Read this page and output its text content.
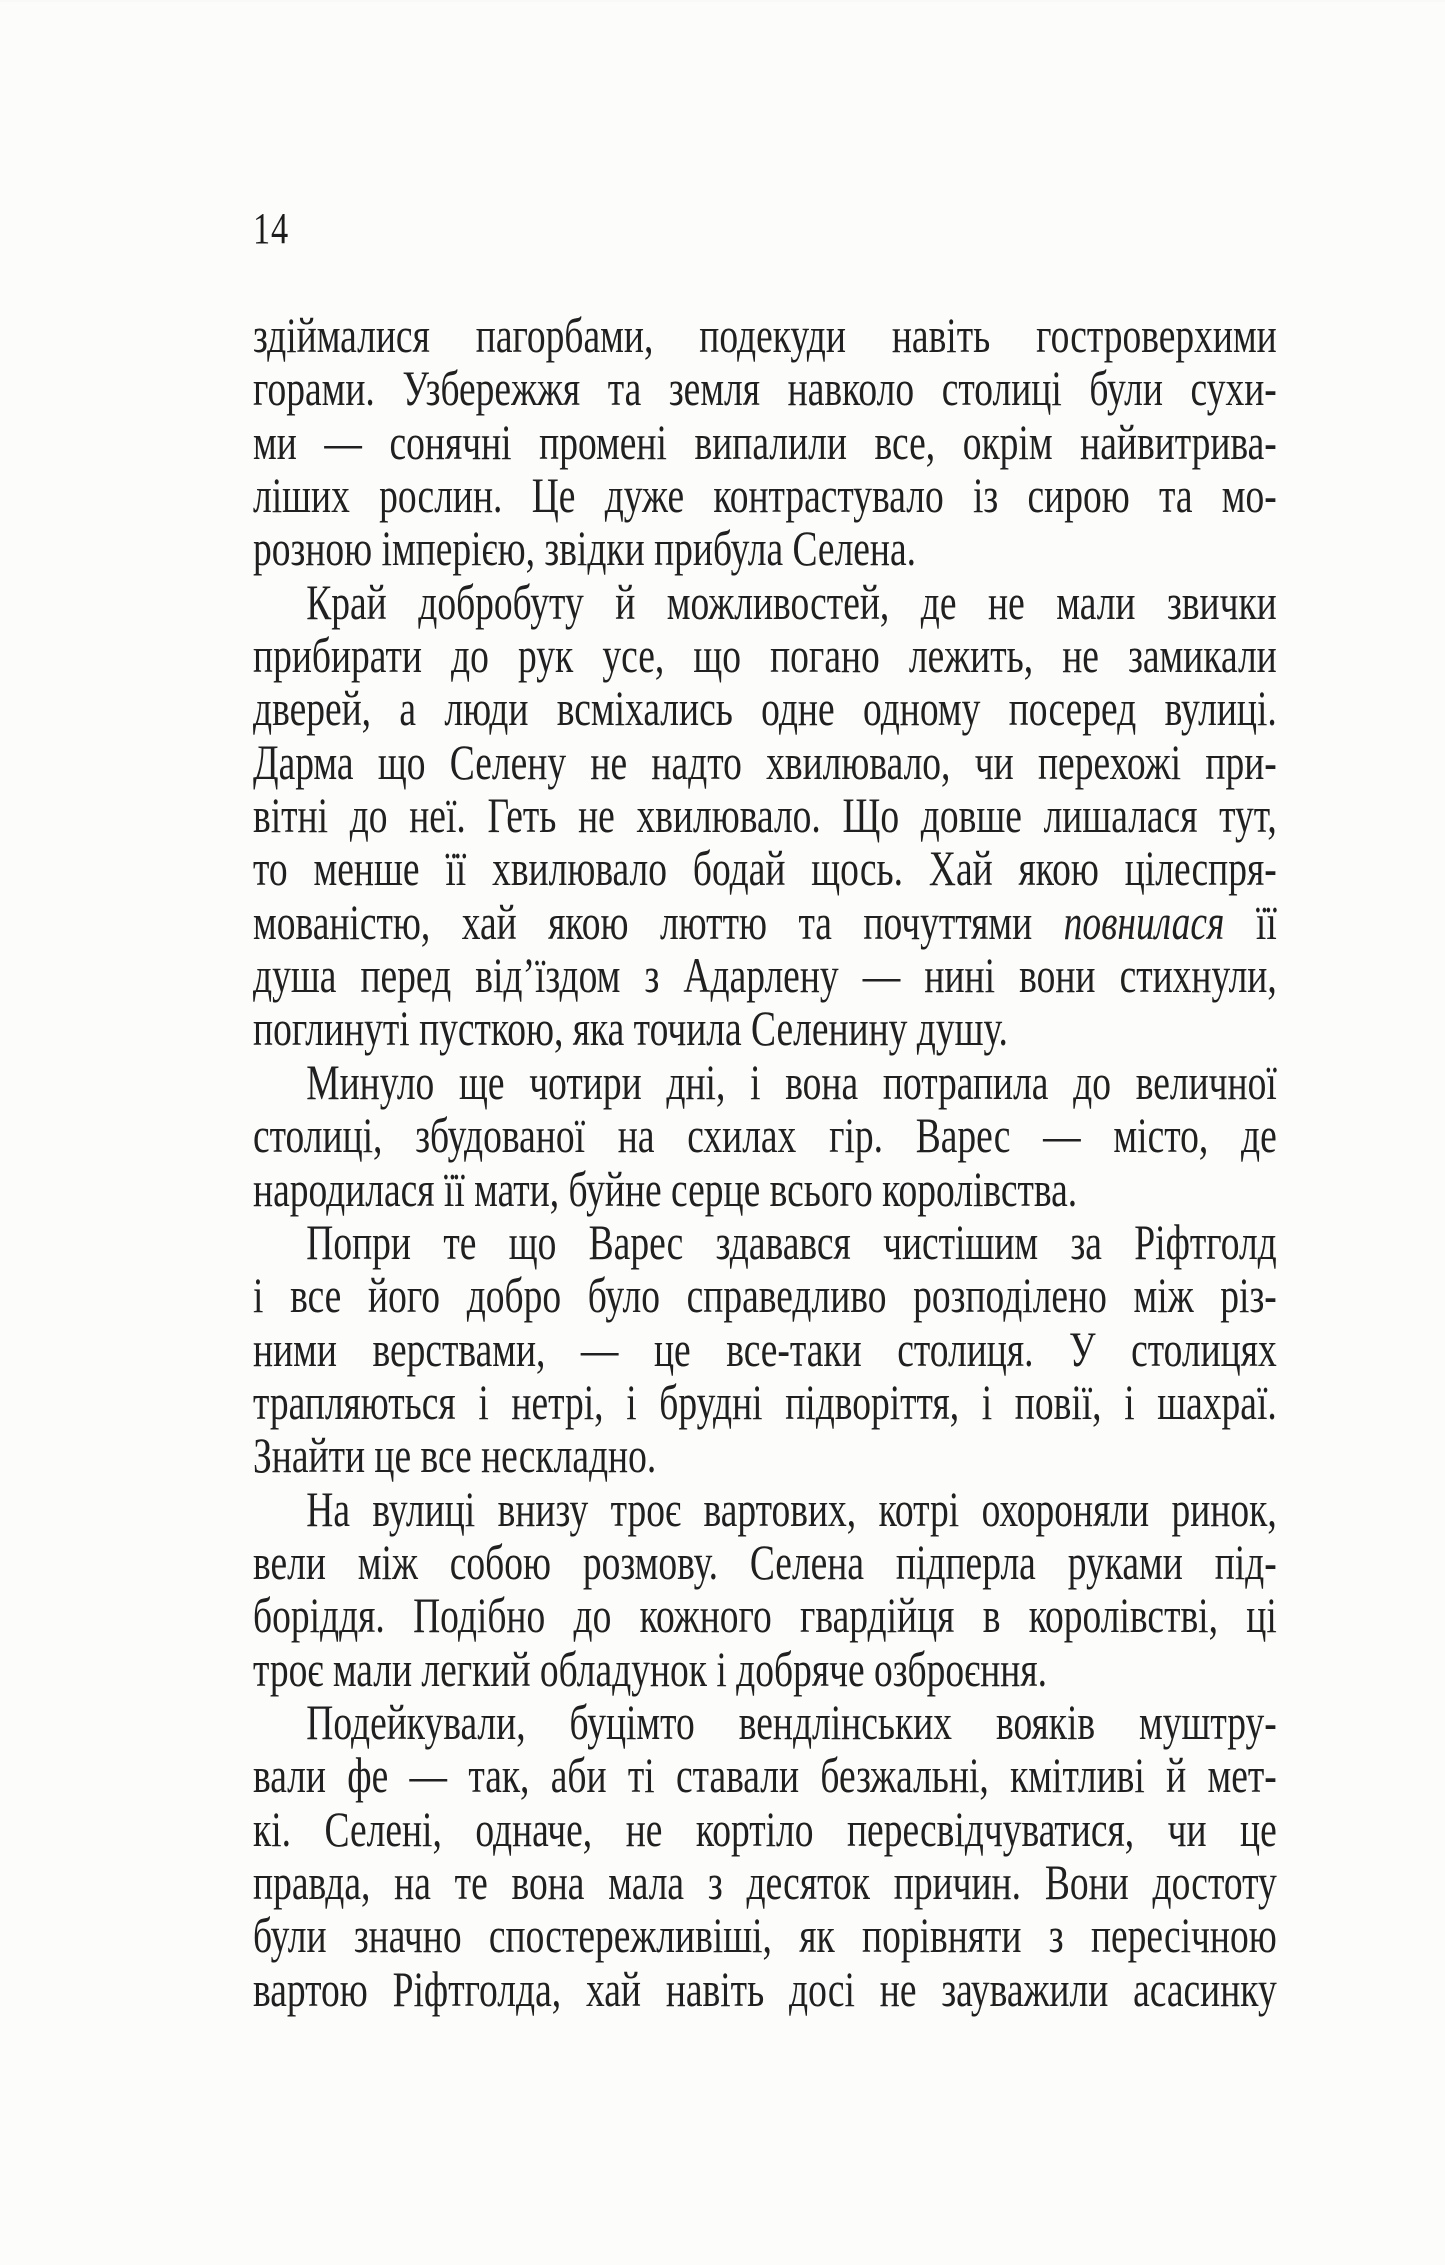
14
здіймалися пагорбами, подекуди навіть гостроверхими
горами. Узбережжя та земля навколо столиці були сухи-
ми — сонячні промені випалили все, окрім найвитрива-
ліших рослин. Це дуже контрастувало із сирою та мо-
розною імперією, звідки прибула Селена.
Край добробуту й можливостей, де не мали звички
прибирати до рук усе, що погано лежить, не замикали
дверей, а люди всміхались одне одному посеред вулиці.
Дарма що Селену не надто хвилювало, чи перехожі при-
вітні до неї. Геть не хвилювало. Що довше лишалася тут,
то менше її хвилювало бодай щось. Хай якою цілеспря-
мованістю, хай якою люттю та почуттями повнилася її
душа перед від’їздом з Адарлену — нині вони стихнули,
поглинуті пусткою, яка точила Селенину душу.
Минуло ще чотири дні, і вона потрапила до величної
столиці, збудованої на схилах гір. Варес — місто, де
народилася її мати, буйне серце всього королівства.
Попри те що Варес здавався чистішим за Ріфтголд
і все його добро було справедливо розподілено між різ-
ними верствами, — це все-таки столиця. У столицях
трапляються і нетрі, і брудні підворіття, і повії, і шахраї.
Знайти це все нескладно.
На вулиці внизу троє вартових, котрі охороняли ринок,
вели між собою розмову. Селена підперла руками під-
боріддя. Подібно до кожного гвардійця в королівстві, ці
троє мали легкий обладунок і добряче озброєння.
Подейкували, буцімто вендлінських вояків муштру-
вали фе — так, аби ті ставали безжальні, кмітливі й мет-
кі. Селені, одначе, не кортіло пересвідчуватися, чи це
правда, на те вона мала з десяток причин. Вони достоту
були значно спостережливіші, як порівняти з пересічною
вартою Ріфтголда, хай навіть досі не зауважили асасинку
